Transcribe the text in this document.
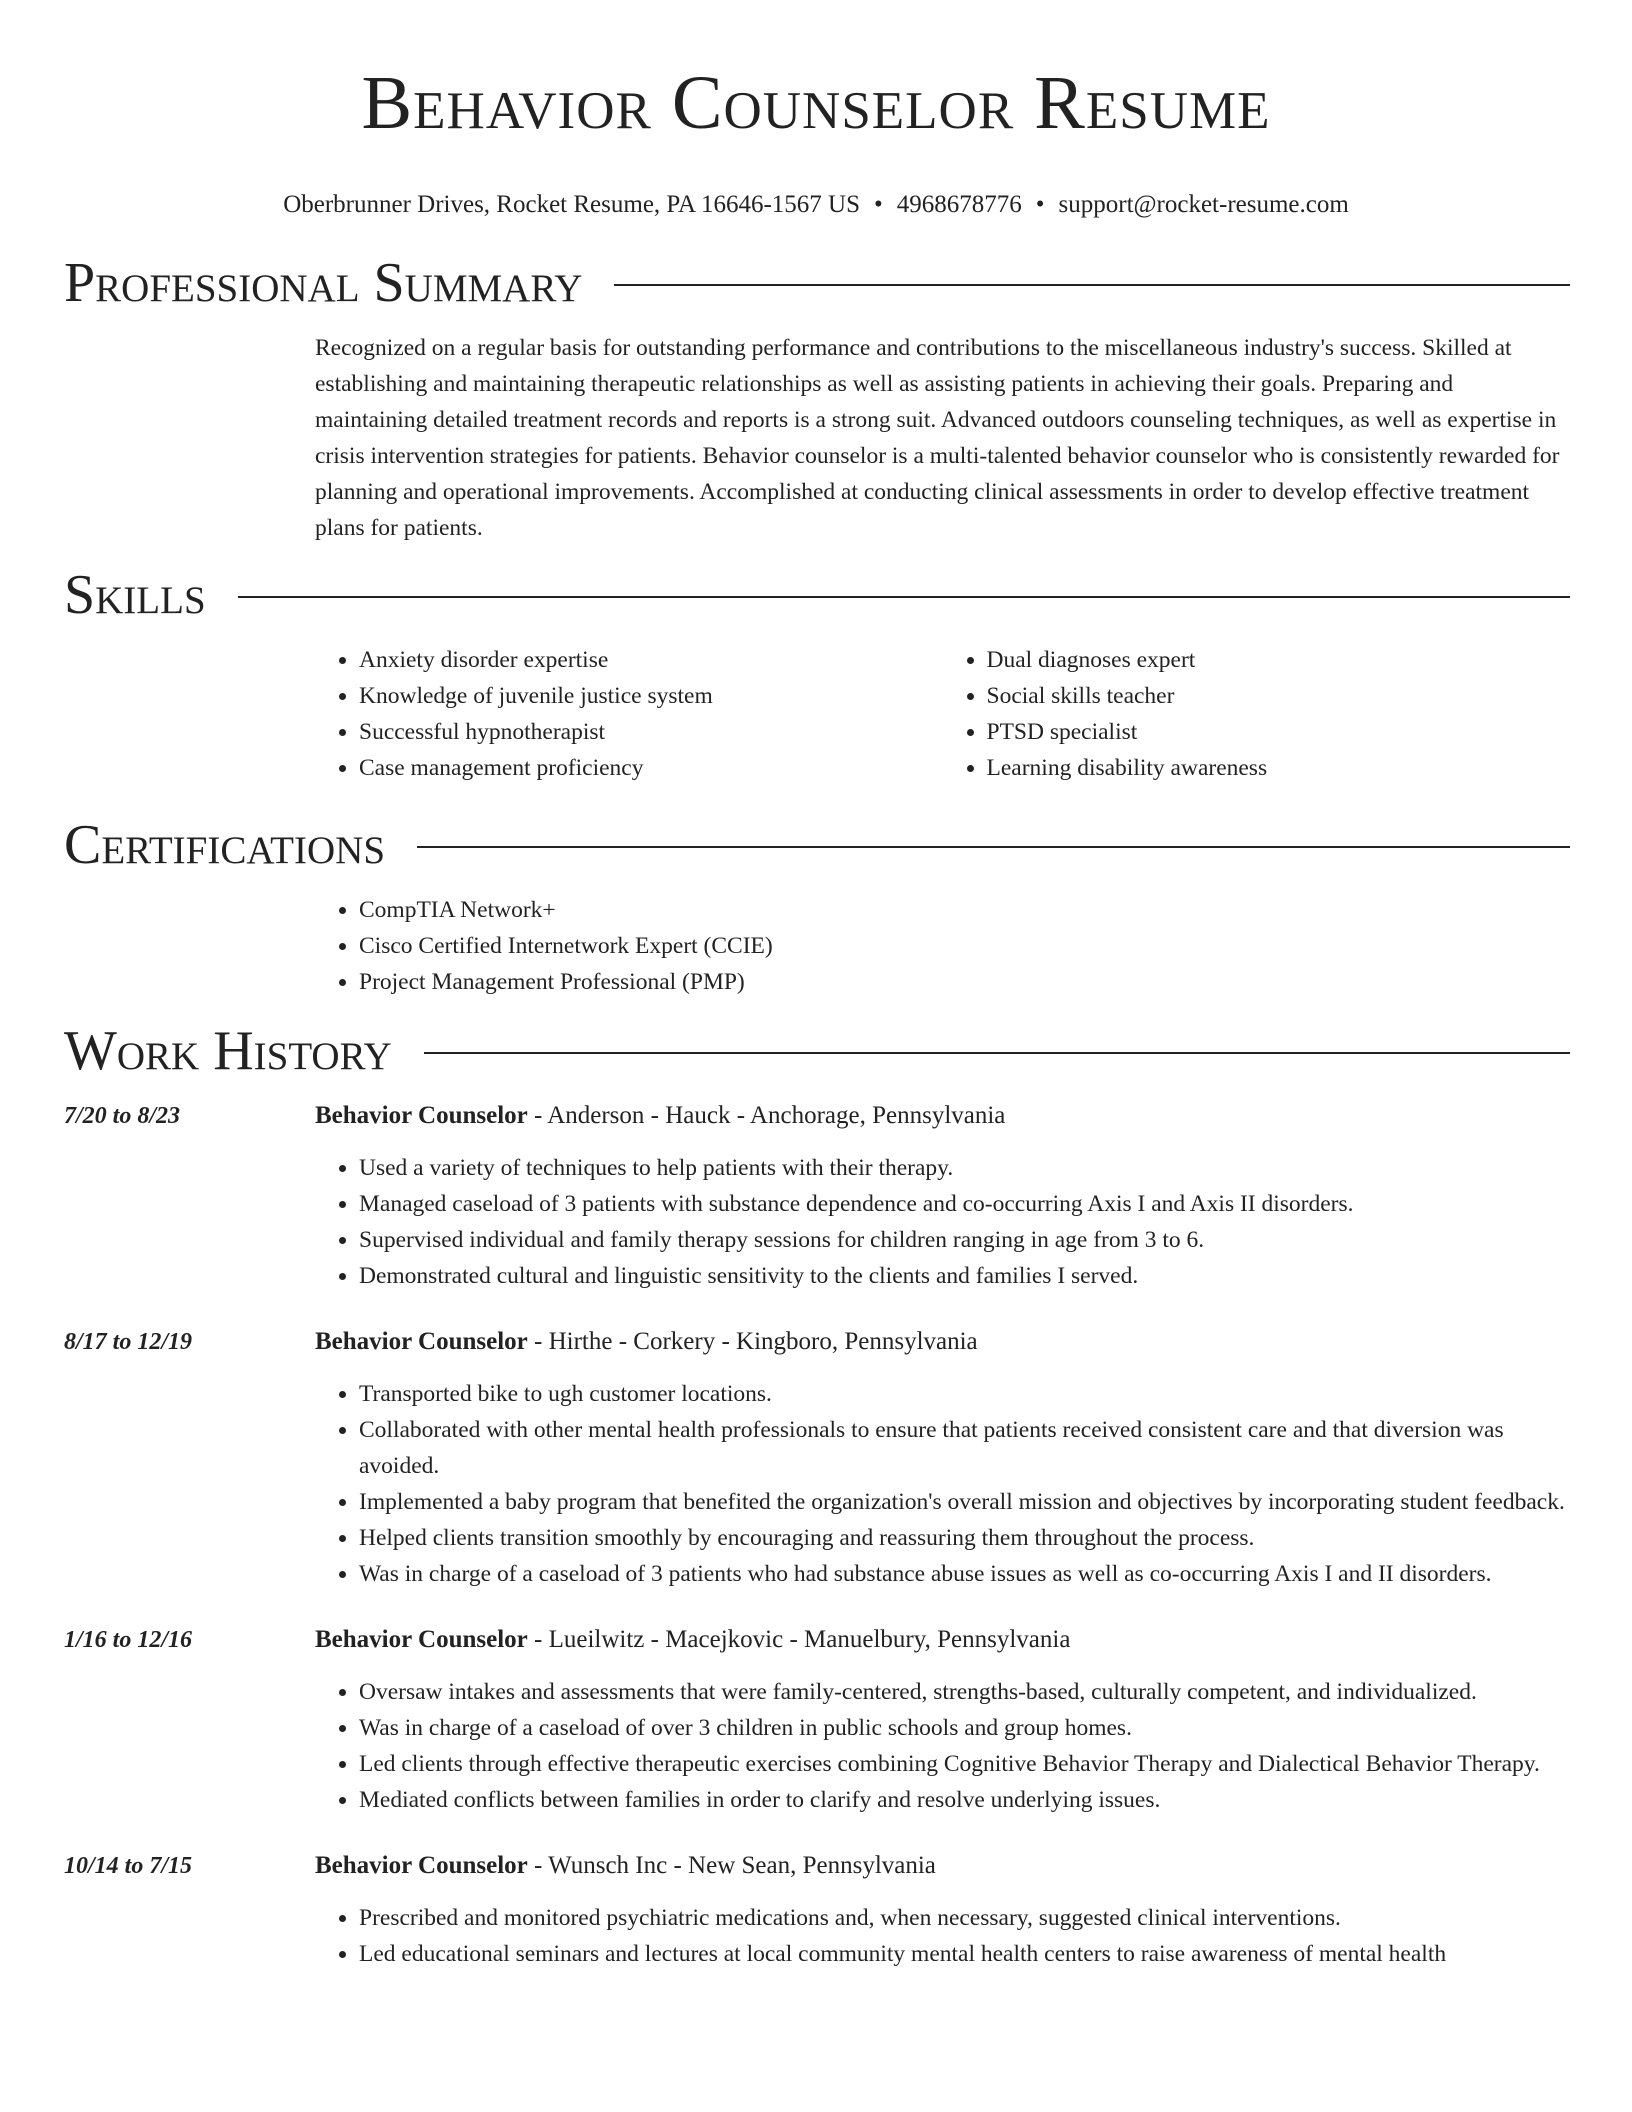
Behavior Counselor Resume
Oberbrunner Drives, Rocket Resume, PA 16646-1567 US • 4968678776 • support@rocket-resume.com
Professional Summary
Recognized on a regular basis for outstanding performance and contributions to the miscellaneous industry's success. Skilled at establishing and maintaining therapeutic relationships as well as assisting patients in achieving their goals. Preparing and maintaining detailed treatment records and reports is a strong suit. Advanced outdoors counseling techniques, as well as expertise in crisis intervention strategies for patients. Behavior counselor is a multi-talented behavior counselor who is consistently rewarded for planning and operational improvements. Accomplished at conducting clinical assessments in order to develop effective treatment plans for patients.
Skills
• Anxiety disorder expertise
• Knowledge of juvenile justice system
• Successful hypnotherapist
• Case management proficiency
• Dual diagnoses expert
• Social skills teacher
• PTSD specialist
• Learning disability awareness
Certifications
• CompTIA Network+
• Cisco Certified Internetwork Expert (CCIE)
• Project Management Professional (PMP)
Work History
7/20 to 8/23	Behavior Counselor - Anderson - Hauck - Anchorage, Pennsylvania
• Used a variety of techniques to help patients with their therapy.
• Managed caseload of 3 patients with substance dependence and co-occurring Axis I and Axis II disorders.
• Supervised individual and family therapy sessions for children ranging in age from 3 to 6.
• Demonstrated cultural and linguistic sensitivity to the clients and families I served.
8/17 to 12/19	Behavior Counselor - Hirthe - Corkery - Kingboro, Pennsylvania
• Transported bike to ugh customer locations.
• Collaborated with other mental health professionals to ensure that patients received consistent care and that diversion was avoided.
• Implemented a baby program that benefited the organization's overall mission and objectives by incorporating student feedback.
• Helped clients transition smoothly by encouraging and reassuring them throughout the process.
• Was in charge of a caseload of 3 patients who had substance abuse issues as well as co-occurring Axis I and II disorders.
1/16 to 12/16	Behavior Counselor - Lueilwitz - Macejkovic - Manuelbury, Pennsylvania
• Oversaw intakes and assessments that were family-centered, strengths-based, culturally competent, and individualized.
• Was in charge of a caseload of over 3 children in public schools and group homes.
• Led clients through effective therapeutic exercises combining Cognitive Behavior Therapy and Dialectical Behavior Therapy.
• Mediated conflicts between families in order to clarify and resolve underlying issues.
10/14 to 7/15	Behavior Counselor - Wunsch Inc - New Sean, Pennsylvania
• Prescribed and monitored psychiatric medications and, when necessary, suggested clinical interventions.
• Led educational seminars and lectures at local community mental health centers to raise awareness of mental health
